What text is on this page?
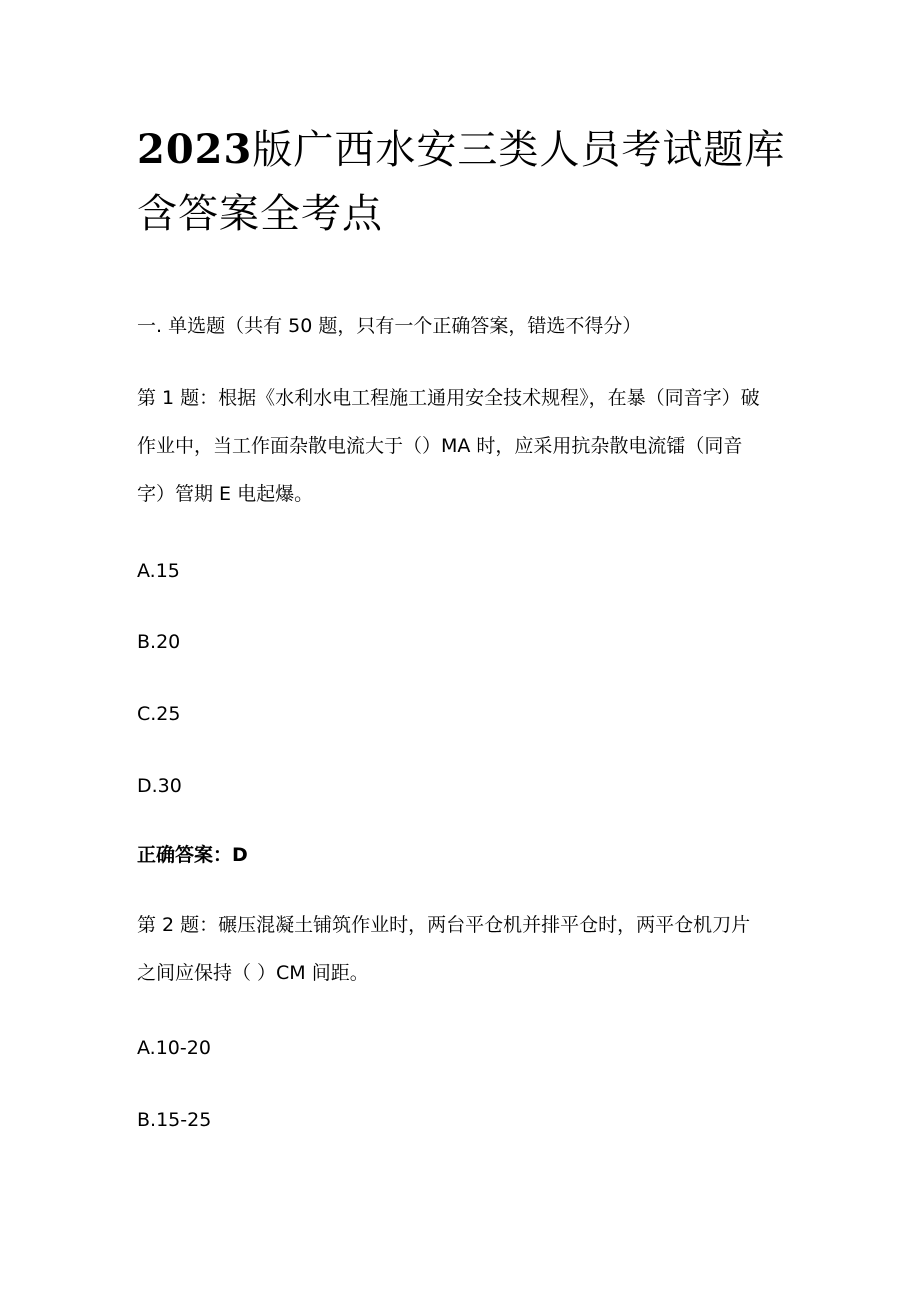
2023版广西水安三类人员考试题库
含答案全考点

一. 单选题（共有 50 题，只有一个正确答案，错选不得分）

第 1 题：根据《水利水电工程施工通用安全技术规程》，在暴（同音字）破
作业中，当工作面杂散电流大于（）MA 时，应采用抗杂散电流镭（同音
字）管期 E 电起爆。

A.15

B.20

C.25

D.30

正确答案：D

第 2 题：碾压混凝土铺筑作业时，两台平仓机并排平仓时，两平仓机刀片
之间应保持（ ）CM 间距。

A.10-20

B.15-25
